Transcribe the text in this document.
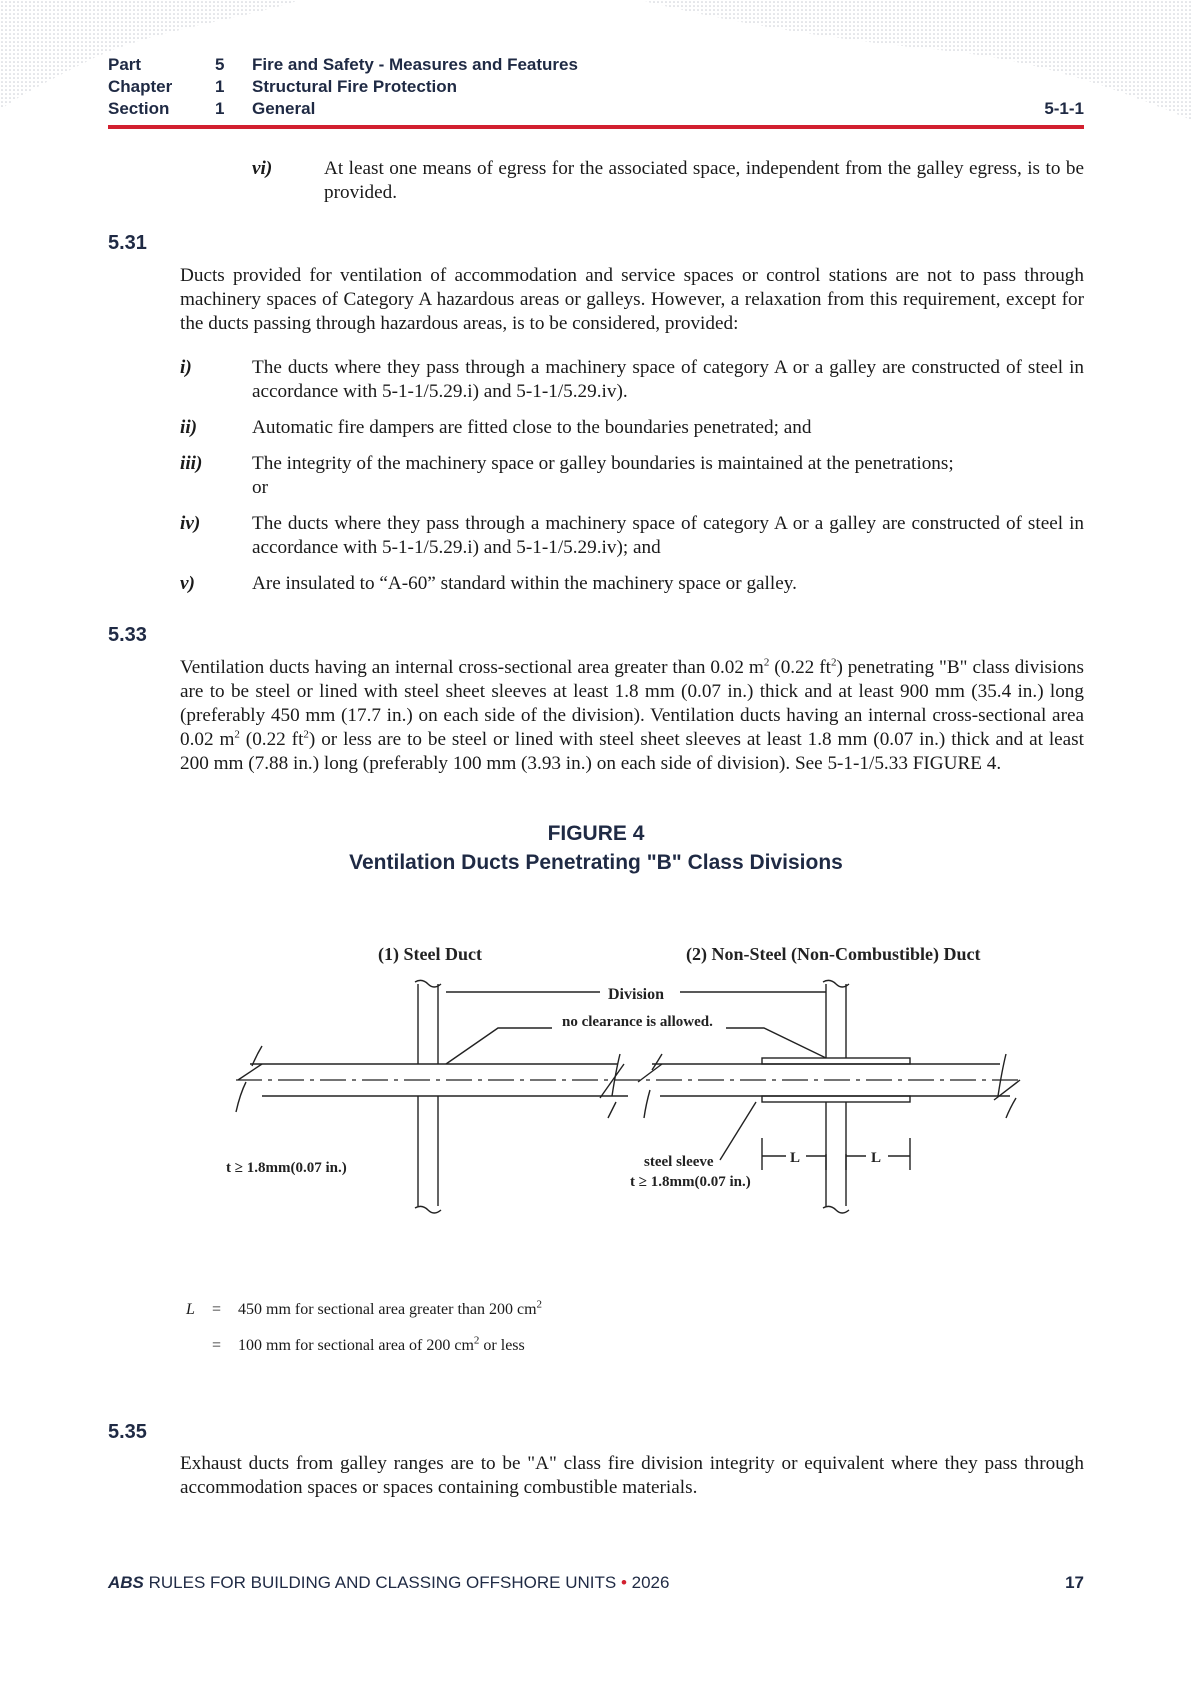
Part	5 Fire and Safety - Measures and Features
Chapter	1 Structural Fire Protection
Section	1 General	5-1-1
vi)	At least one means of egress for the associated space, independent from the galley egress, is to be provided.
5.31
Ducts provided for ventilation of accommodation and service spaces or control stations are not to pass through machinery spaces of Category A hazardous areas or galleys. However, a relaxation from this requirement, except for the ducts passing through hazardous areas, is to be considered, provided:
i)	The ducts where they pass through a machinery space of category A or a galley are constructed of steel in accordance with 5-1-1/5.29.i) and 5-1-1/5.29.iv).
ii)	Automatic fire dampers are fitted close to the boundaries penetrated; and
iii)	The integrity of the machinery space or galley boundaries is maintained at the penetrations;
or
iv)	The ducts where they pass through a machinery space of category A or a galley are constructed of steel in accordance with 5-1-1/5.29.i) and 5-1-1/5.29.iv); and
v)	Are insulated to “A-60” standard within the machinery space or galley.
5.33
Ventilation ducts having an internal cross-sectional area greater than 0.02 $m^2$ (0.22 $ft^2$) penetrating "B" class divisions are to be steel or lined with steel sheet sleeves at least 1.8 mm (0.07 in.) thick and at least 900 mm (35.4 in.) long (preferably 450 mm (17.7 in.) on each side of the division). Ventilation ducts having an internal cross-sectional area 0.02 $m^2$ (0.22 $ft^2$) or less are to be steel or lined with steel sheet sleeves at least 1.8 mm (0.07 in.) thick and at least 200 mm (7.88 in.) long (preferably 100 mm (3.93 in.) on each side of division). See 5-1-1/5.33 FIGURE 4.
FIGURE 4
Ventilation Ducts Penetrating "B" Class Divisions
(1) Steel Duct	(2) Non-Steel (Non-Combustible) Duct
Division
no clearance is allowed.
t ≥ 1.8mm(0.07 in.)	steel sleeve
t ≥ 1.8mm(0.07 in.)
L	L
L = 450 mm for sectional area greater than 200 $cm^2$
= 100 mm for sectional area of 200 $cm^2$ or less
5.35
Exhaust ducts from galley ranges are to be "A" class fire division integrity or equivalent where they pass through accommodation spaces or spaces containing combustible materials.
ABS RULES FOR BUILDING AND CLASSING OFFSHORE UNITS • 2026	17
